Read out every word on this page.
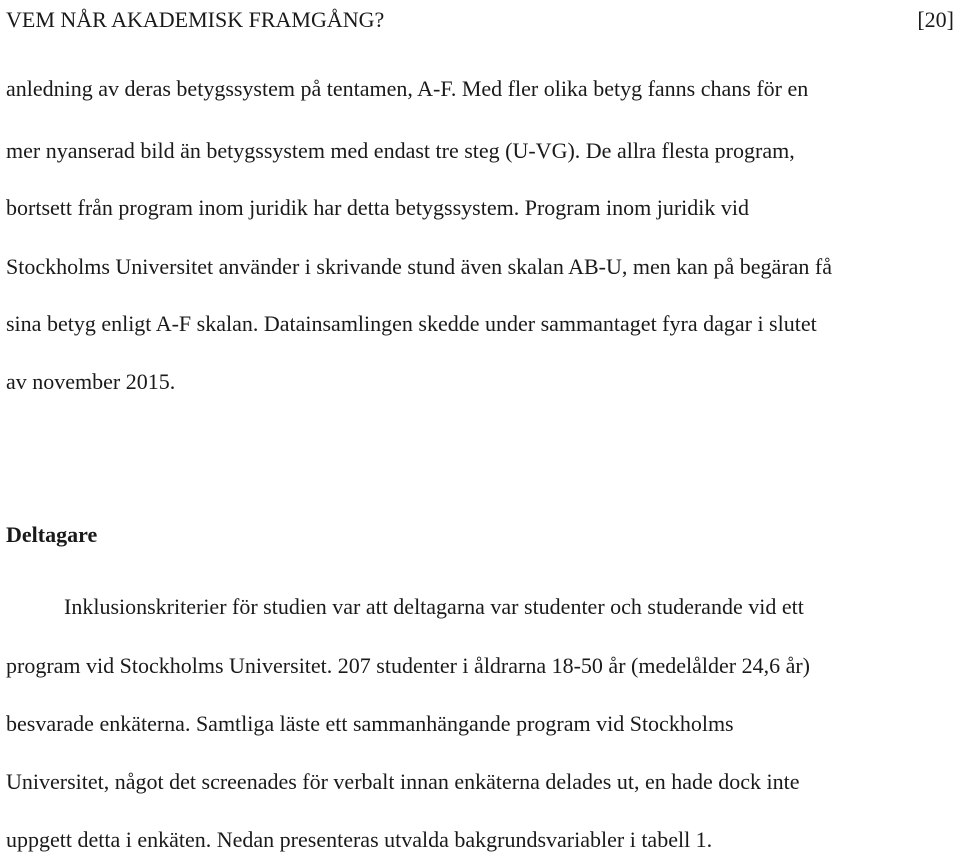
VEM NÅR AKADEMISK FRAMGÅNG?	[20]
anledning av deras betygssystem på tentamen, A-F. Med fler olika betyg fanns chans för en
mer nyanserad bild än betygssystem med endast tre steg (U-VG). De allra flesta program,
bortsett från program inom juridik har detta betygssystem. Program inom juridik vid
Stockholms Universitet använder i skrivande stund även skalan AB-U, men kan på begäran få
sina betyg enligt A-F skalan. Datainsamlingen skedde under sammantaget fyra dagar i slutet
av november 2015.
Deltagare
Inklusionskriterier för studien var att deltagarna var studenter och studerande vid ett
program vid Stockholms Universitet. 207 studenter i åldrarna 18-50 år (medelålder 24,6 år)
besvarade enkäterna. Samtliga läste ett sammanhängande program vid Stockholms
Universitet, något det screenades för verbalt innan enkäterna delades ut, en hade dock inte
uppgett detta i enkäten. Nedan presenteras utvalda bakgrundsvariabler i tabell 1.
